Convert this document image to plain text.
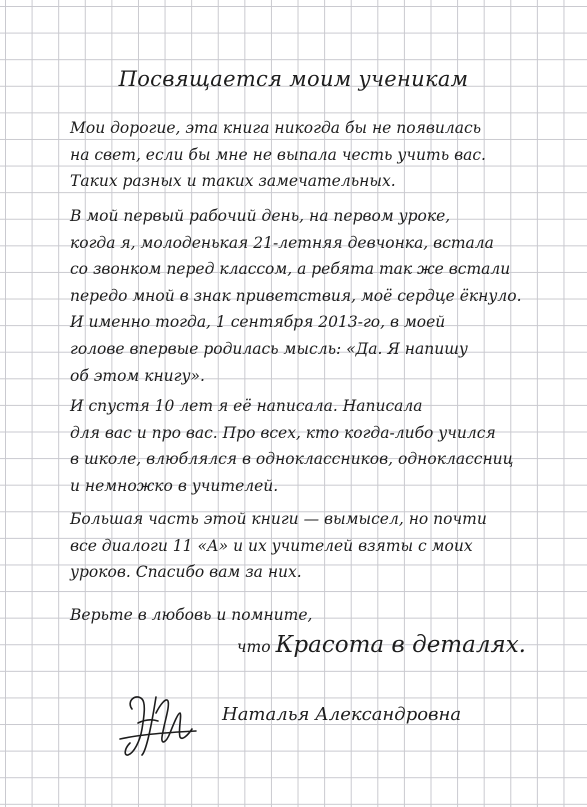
Посвящается моим ученикам
Мои дорогие, эта книга никогда бы не появилась
на свет, если бы мне не выпала честь учить вас.
Таких разных и таких замечательных.
В мой первый рабочий день, на первом уроке,
когда я, молоденькая 21-летняя девчонка, встала
со звонком перед классом, а ребята так же встали
передо мной в знак приветствия, моё сердце ёкнуло.
И именно тогда, 1 сентября 2013-го, в моей
голове впервые родилась мысль: «Да. Я напишу
об этом книгу».
И спустя 10 лет я её написала. Написала
для вас и про вас. Про всех, кто когда-либо учился
в школе, влюблялся в одноклассников, одноклассниц
и немножко в учителей.
Большая часть этой книги — вымысел, но почти
все диалоги 11 «А» и их учителей взяты с моих
уроков. Спасибо вам за них.
Верьте в любовь и помните,
что Красота в деталях.
Наталья Александровна
